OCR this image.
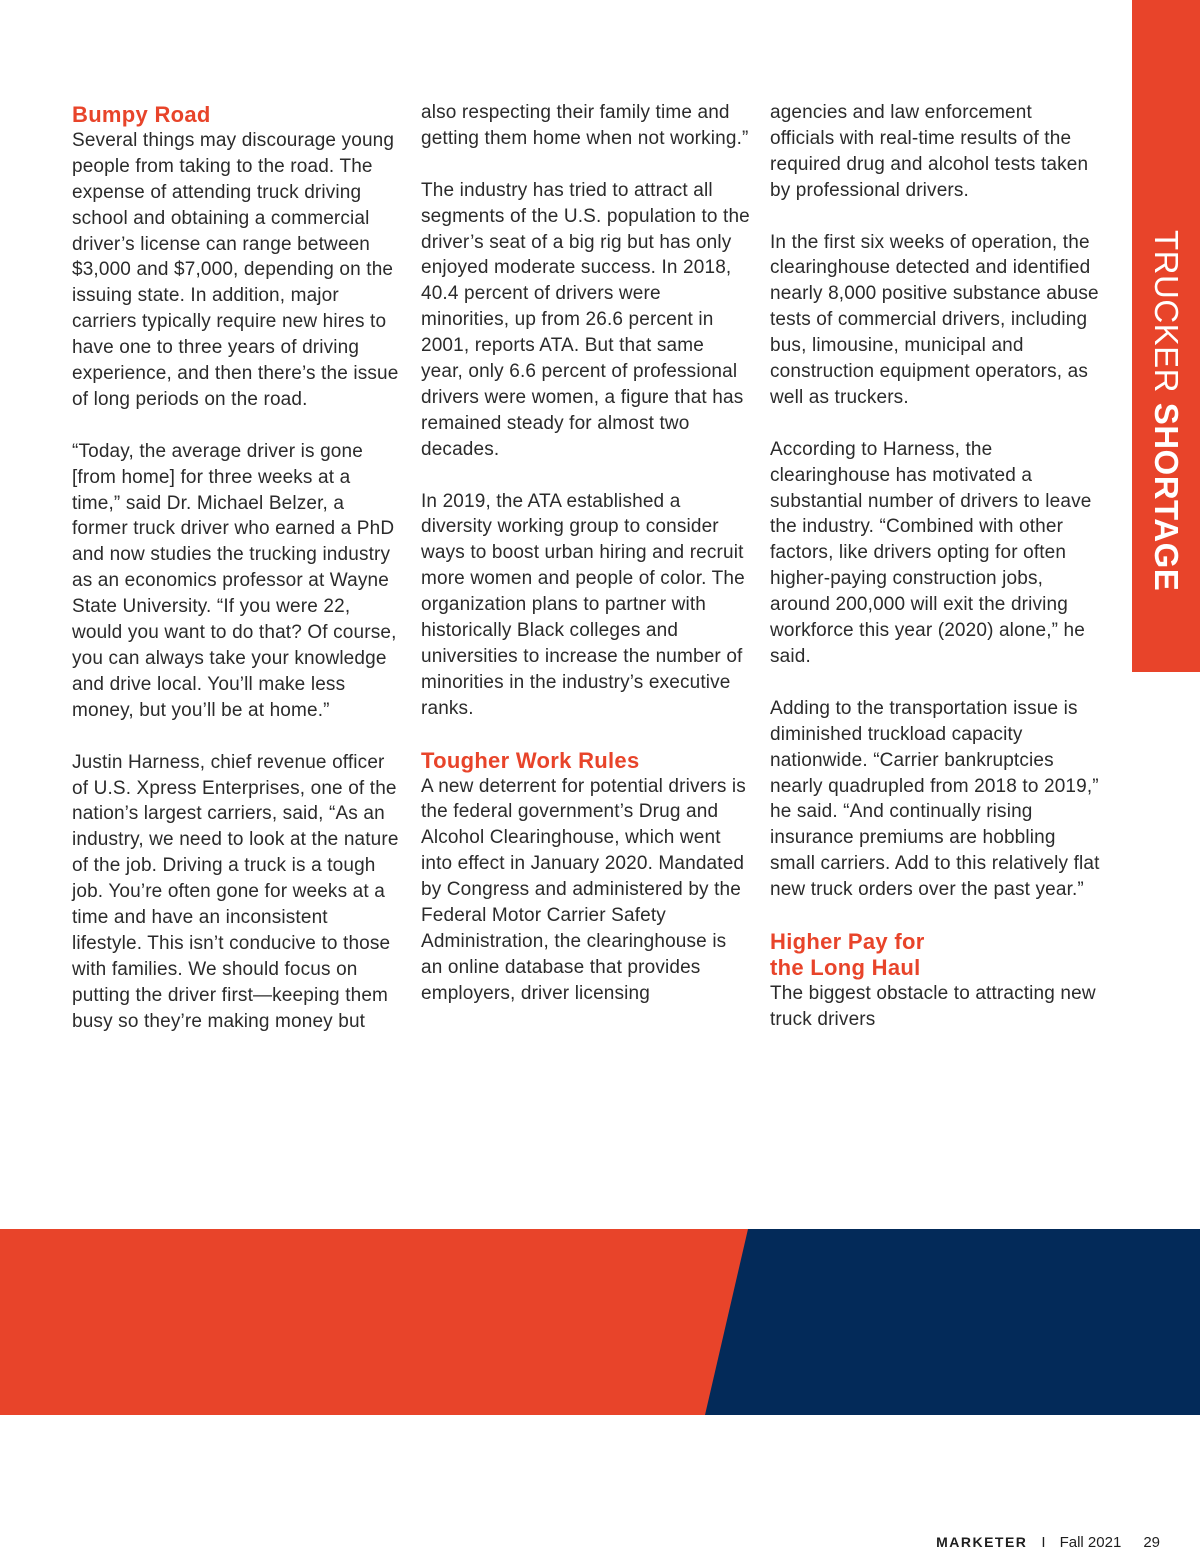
TRUCKER SHORTAGE
Bumpy Road

Several things may discourage young people from taking to the road. The expense of attending truck driving school and obtaining a commercial driver’s license can range between $3,000 and $7,000, depending on the issuing state. In addition, major carriers typically require new hires to have one to three years of driving experience, and then there’s the issue of long periods on the road.

“Today, the average driver is gone [from home] for three weeks at a time,” said Dr. Michael Belzer, a former truck driver who earned a PhD and now studies the trucking industry as an economics professor at Wayne State University. “If you were 22, would you want to do that? Of course, you can always take your knowledge and drive local. You’ll make less money, but you’ll be at home.”

Justin Harness, chief revenue officer of U.S. Xpress Enterprises, one of the nation’s largest carriers, said, “As an industry, we need to look at the nature of the job. Driving a truck is a tough job. You’re often gone for weeks at a time and have an inconsistent lifestyle. This isn’t conducive to those with families. We should focus on putting the driver first—keeping them busy so they’re making money but

also respecting their family time and getting them home when not working.”

The industry has tried to attract all segments of the U.S. population to the driver’s seat of a big rig but has only enjoyed moderate success. In 2018, 40.4 percent of drivers were minorities, up from 26.6 percent in 2001, reports ATA. But that same year, only 6.6 percent of professional drivers were women, a figure that has remained steady for almost two decades.

In 2019, the ATA established a diversity working group to consider ways to boost urban hiring and recruit more women and people of color. The organization plans to partner with historically Black colleges and universities to increase the number of minorities in the industry’s executive ranks.

Tougher Work Rules

A new deterrent for potential drivers is the federal government’s Drug and Alcohol Clearinghouse, which went into effect in January 2020. Mandated by Congress and administered by the Federal Motor Carrier Safety Administration, the clearinghouse is an online database that provides employers, driver licensing

agencies and law enforcement officials with real-time results of the required drug and alcohol tests taken by professional drivers.

In the first six weeks of operation, the clearinghouse detected and identified nearly 8,000 positive substance abuse tests of commercial drivers, including bus, limousine, municipal and construction equipment operators, as well as truckers.

According to Harness, the clearinghouse has motivated a substantial number of drivers to leave the industry. “Combined with other factors, like drivers opting for often higher-paying construction jobs, around 200,000 will exit the driving workforce this year (2020) alone,” he said.

Adding to the transportation issue is diminished truckload capacity nationwide. “Carrier bankruptcies nearly quadrupled from 2018 to 2019,” he said. “And continually rising insurance premiums are hobbling small carriers. Add to this relatively flat new truck orders over the past year.”

Higher Pay for
the Long Haul

The biggest obstacle to attracting new truck drivers

MARKETER I Fall 2021 29
